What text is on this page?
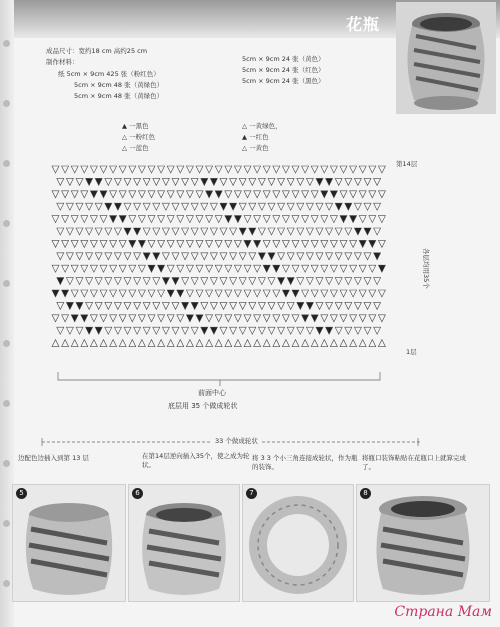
花瓶
成品尺寸：宽约18 cm 高约25 cm
制作材料：
纸 5cm × 9cm 425 张（粉红色）
5cm × 9cm 48 张（黄绿色）
5cm × 9cm 48 张（黄绿色）
5cm × 9cm 24 张（黄色）
5cm × 9cm 24 张（红色）
5cm × 9cm 24 张（黑色）
▲ 一黑色
△ 一粉红色
△ 一蓝色
△ 一黄绿色，
▲ 一红色
△ 一黄色
第14层
1层
各层均用35个
前面中心
底层用 35 个做成轮状
33 个做成轮状
边配色边插入到第 13 层	在第14层逆向插入35个，使之成为轮状。
将 3 3 个小三角连接成轮状，作为瓶的装饰。
将瓶口装饰粘贴在花瓶口上就算完成了。
5	6	7	8
Страна Мам
